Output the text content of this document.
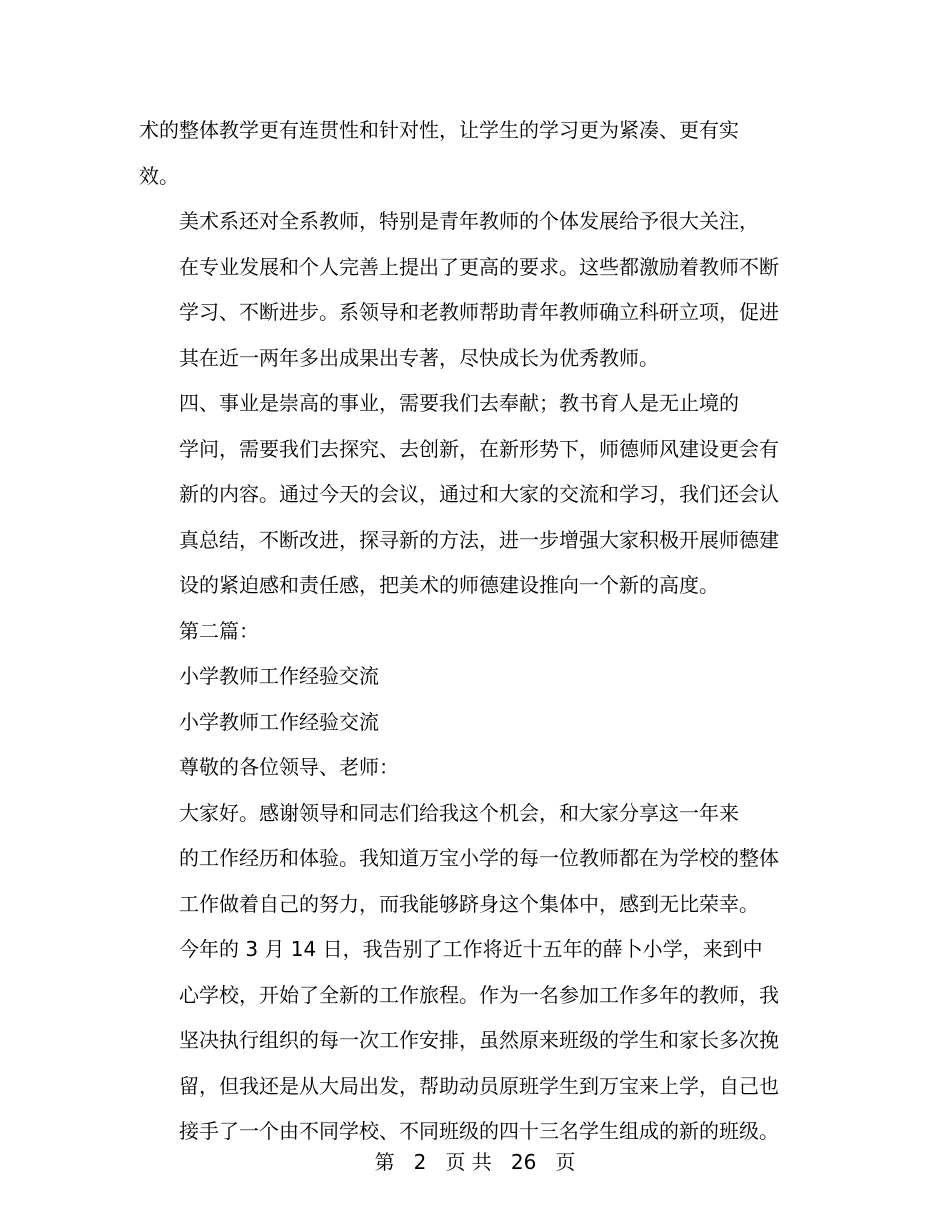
术的整体教学更有连贯性和针对性，让学生的学习更为紧凑、更有实
效。
美术系还对全系教师，特别是青年教师的个体发展给予很大关注，
在专业发展和个人完善上提出了更高的要求。这些都激励着教师不断
学习、不断进步。系领导和老教师帮助青年教师确立科研立项，促进
其在近一两年多出成果出专著，尽快成长为优秀教师。
四、事业是崇高的事业，需要我们去奉献；教书育人是无止境的
学问，需要我们去探究、去创新，在新形势下，师德师风建设更会有
新的内容。通过今天的会议，通过和大家的交流和学习，我们还会认
真总结，不断改进，探寻新的方法，进一步增强大家积极开展师德建
设的紧迫感和责任感，把美术的师德建设推向一个新的高度。
第二篇：
小学教师工作经验交流
小学教师工作经验交流
尊敬的各位领导、老师：
大家好。感谢领导和同志们给我这个机会，和大家分享这一年来
的工作经历和体验。我知道万宝小学的每一位教师都在为学校的整体
工作做着自己的努力，而我能够跻身这个集体中，感到无比荣幸。
今年的 3 月 14 日，我告别了工作将近十五年的薛卜小学，来到中
心学校，开始了全新的工作旅程。作为一名参加工作多年的教师，我
坚决执行组织的每一次工作安排，虽然原来班级的学生和家长多次挽
留，但我还是从大局出发，帮助动员原班学生到万宝来上学，自己也
接手了一个由不同学校、不同班级的四十三名学生组成的新的班级。
第 2 页 共 26 页
